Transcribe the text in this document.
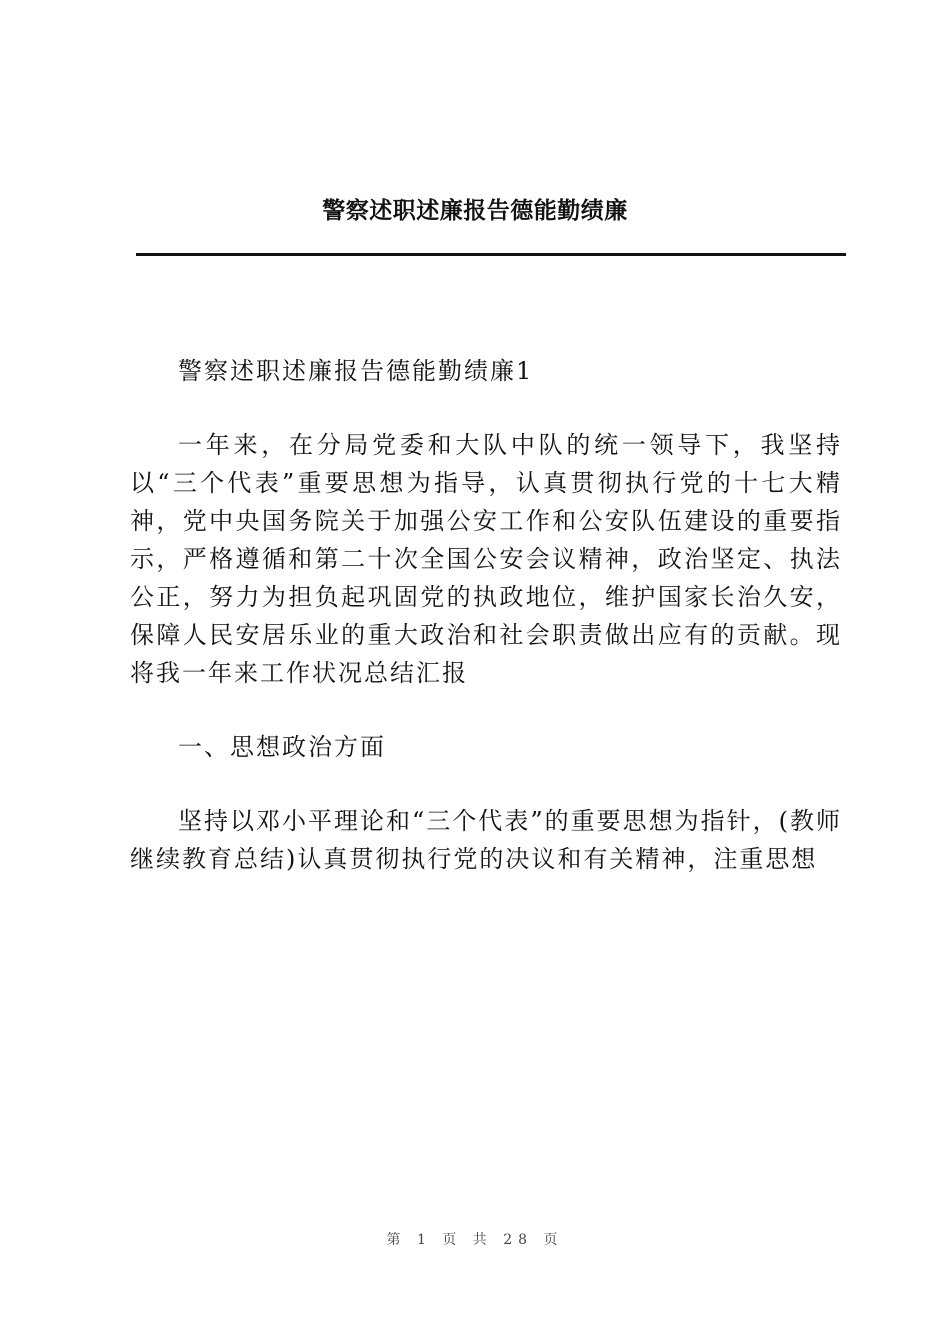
警察述职述廉报告德能勤绩廉

警察述职述廉报告德能勤绩廉1

一年来，在分局党委和大队中队的统一领导下，我坚持以“三个代表”重要思想为指导，认真贯彻执行党的十七大精神，党中央国务院关于加强公安工作和公安队伍建设的重要指示，严格遵循和第二十次全国公安会议精神，政治坚定、执法公正，努力为担负起巩固党的执政地位，维护国家长治久安，保障人民安居乐业的重大政治和社会职责做出应有的贡献。现将我一年来工作状况总结汇报

一、思想政治方面

坚持以邓小平理论和“三个代表”的重要思想为指针，(教师继续教育总结)认真贯彻执行党的决议和有关精神，注重思想

第 1 页 共 28 页
